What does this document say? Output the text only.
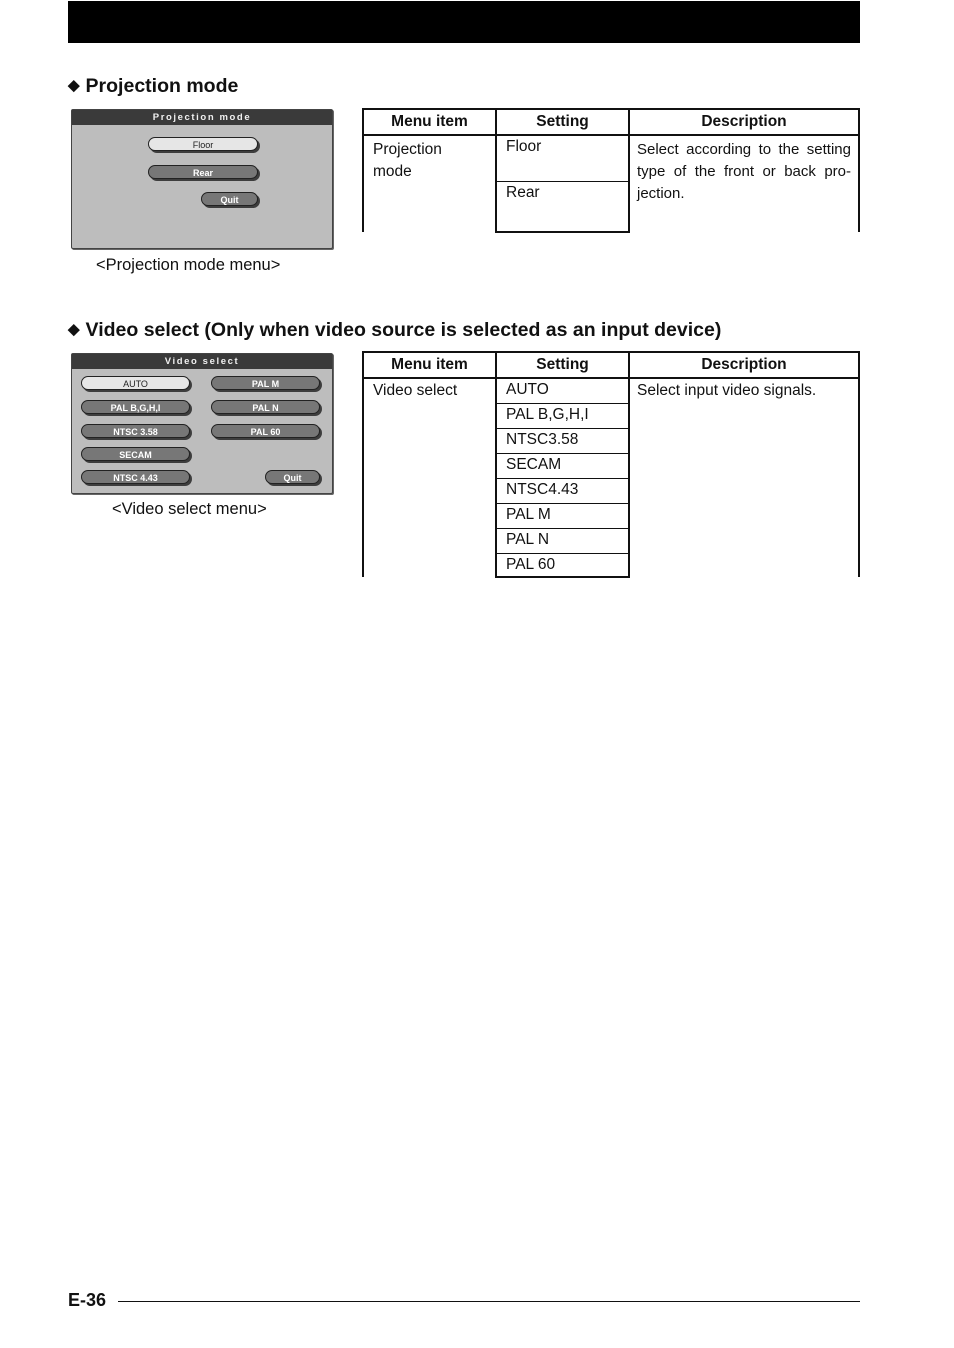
◆ Projection mode
Projection mode
Floor
Rear
Quit
<Projection mode menu>
Menu item	Setting	Description

Projection mode	Floor	Select according to the setting type of the front or back pro-jection.
	Rear	
◆ Video select (Only when video source is selected as an input device)
Video select
AUTO	PAL M
PAL B,G,H,I	PAL N
NTSC 3.58	PAL 60
SECAM
NTSC 4.43	Quit
<Video select menu>
Menu item	Setting	Description
Video select	AUTO	Select input video signals.
	PAL B,G,H,I	
	NTSC3.58	
	SECAM	
	NTSC4.43	
	PAL M	
	PAL N	
	PAL 60	
E-36
